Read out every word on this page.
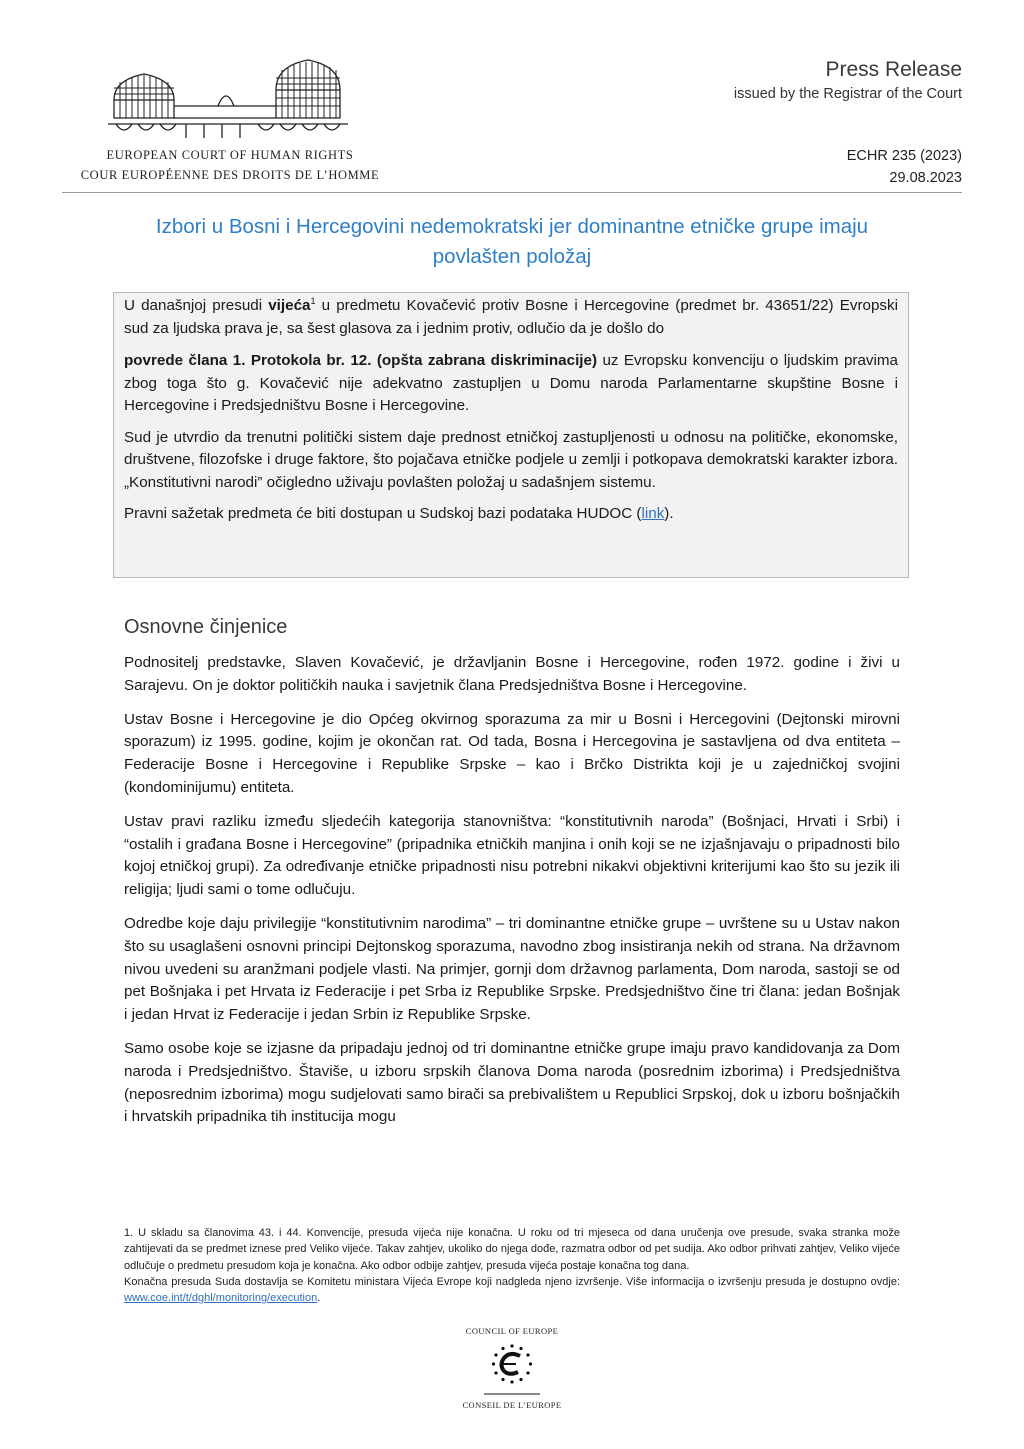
EUROPEAN COURT OF HUMAN RIGHTS
COUR EUROPÉENNE DES DROITS DE L’HOMME
Press Release
issued by the Registrar of the Court
ECHR 235 (2023)
29.08.2023
Izbori u Bosni i Hercegovini nedemokratski jer dominantne etničke grupe imaju povlašten položaj

U današnjoj presudi vijeća$^1$ u predmetu Kovačević protiv Bosne i Hercegovine (predmet br. 43651/22) Evropski sud za ljudska prava je, sa šest glasova za i jednim protiv, odlučio da je došlo do

povrede člana 1. Protokola br. 12. (opšta zabrana diskriminacije) uz Evropsku konvenciju o ljudskim pravima zbog toga što g. Kovačević nije adekvatno zastupljen u Domu naroda Parlamentarne skupštine Bosne i Hercegovine i Predsjedništvu Bosne i Hercegovine.

Sud je utvrdio da trenutni politički sistem daje prednost etničkoj zastupljenosti u odnosu na političke, ekonomske, društvene, filozofske i druge faktore, što pojačava etničke podjele u zemlji i potkopava demokratski karakter izbora. „Konstitutivni narodi” očigledno uživaju povlašten položaj u sadašnjem sistemu.

Pravni sažetak predmeta će biti dostupan u Sudskoj bazi podataka HUDOC (link).

Osnovne činjenice

Podnositelj predstavke, Slaven Kovačević, je državljanin Bosne i Hercegovine, rođen 1972. godine i živi u Sarajevu. On je doktor političkih nauka i savjetnik člana Predsjedništva Bosne i Hercegovine.

Ustav Bosne i Hercegovine je dio Općeg okvirnog sporazuma za mir u Bosni i Hercegovini (Dejtonski mirovni sporazum) iz 1995. godine, kojim je okončan rat. Od tada, Bosna i Hercegovina je sastavljena od dva entiteta – Federacije Bosne i Hercegovine i Republike Srpske – kao i Brčko Distrikta koji je u zajedničkoj svojini (kondominijumu) entiteta.

Ustav pravi razliku između sljedećih kategorija stanovništva: “konstitutivnih naroda” (Bošnjaci, Hrvati i Srbi) i “ostalih i građana Bosne i Hercegovine” (pripadnika etničkih manjina i onih koji se ne izjašnjavaju o pripadnosti bilo kojoj etničkoj grupi). Za određivanje etničke pripadnosti nisu potrebni nikakvi objektivni kriterijumi kao što su jezik ili religija; ljudi sami o tome odlučuju.

Odredbe koje daju privilegije “konstitutivnim narodima” – tri dominantne etničke grupe – uvrštene su u Ustav nakon što su usaglašeni osnovni principi Dejtonskog sporazuma, navodno zbog insistiranja nekih od strana. Na državnom nivou uvedeni su aranžmani podjele vlasti. Na primjer, gornji dom državnog parlamenta, Dom naroda, sastoji se od pet Bošnjaka i pet Hrvata iz Federacije i pet Srba iz Republike Srpske. Predsjedništvo čine tri člana: jedan Bošnjak i jedan Hrvat iz Federacije i jedan Srbin iz Republike Srpske.

Samo osobe koje se izjasne da pripadaju jednoj od tri dominantne etničke grupe imaju pravo kandidovanja za Dom naroda i Predsjedništvo. Štaviše, u izboru srpskih članova Doma naroda (posrednim izborima) i Predsjedništva (neposrednim izborima) mogu sudjelovati samo birači sa prebivalištem u Republici Srpskoj, dok u izboru bošnjačkih i hrvatskih pripadnika tih institucija mogu

1. U skladu sa članovima 43. i 44. Konvencije, presuda vijeća nije konačna. U roku od tri mjeseca od dana uručenja ove presude, svaka stranka može zahtijevati da se predmet iznese pred Veliko vijeće. Takav zahtjev, ukoliko do njega dođe, razmatra odbor od pet sudija. Ako odbor prihvati zahtjev, Veliko vijeće odlučuje o predmetu presudom koja je konačna. Ako odbor odbije zahtjev, presuda vijeća postaje konačna tog dana.

Konačna presuda Suda dostavlja se Komitetu ministara Vijeća Evrope koji nadgleda njeno izvršenje. Više informacija o izvršenju presuda je dostupno ovdje: www.coe.int/t/dghl/monitoring/execution.

COUNCIL OF EUROPE
CONSEIL DE L’EUROPE
